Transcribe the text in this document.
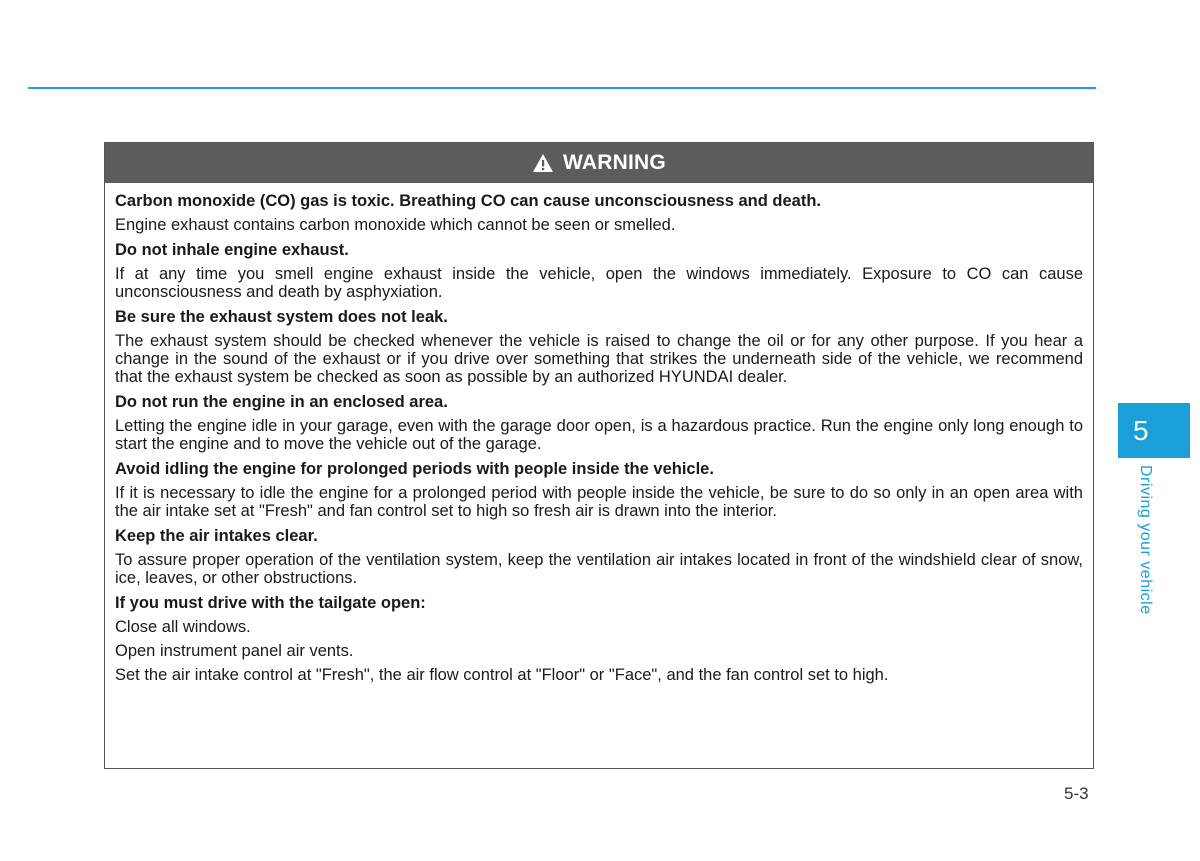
WARNING

Carbon monoxide (CO) gas is toxic. Breathing CO can cause unconsciousness and death.

Engine exhaust contains carbon monoxide which cannot be seen or smelled.

Do not inhale engine exhaust.

If at any time you smell engine exhaust inside the vehicle, open the windows immediately. Exposure to CO can cause unconsciousness and death by asphyxiation.

Be sure the exhaust system does not leak.

The exhaust system should be checked whenever the vehicle is raised to change the oil or for any other purpose. If you hear a change in the sound of the exhaust or if you drive over something that strikes the underneath side of the vehicle, we recommend that the exhaust system be checked as soon as possible by an authorized HYUNDAI dealer.

Do not run the engine in an enclosed area.

Letting the engine idle in your garage, even with the garage door open, is a hazardous practice. Run the engine only long enough to start the engine and to move the vehicle out of the garage.

Avoid idling the engine for prolonged periods with people inside the vehicle.

If it is necessary to idle the engine for a prolonged period with people inside the vehicle, be sure to do so only in an open area with the air intake set at "Fresh" and fan control set to high so fresh air is drawn into the interior.

Keep the air intakes clear.

To assure proper operation of the ventilation system, keep the ventilation air intakes located in front of the windshield clear of snow, ice, leaves, or other obstructions.

If you must drive with the tailgate open:

Close all windows.

Open instrument panel air vents.

Set the air intake control at "Fresh", the air flow control at "Floor" or "Face", and the fan control set to high.

5
Driving your vehicle
5-3
